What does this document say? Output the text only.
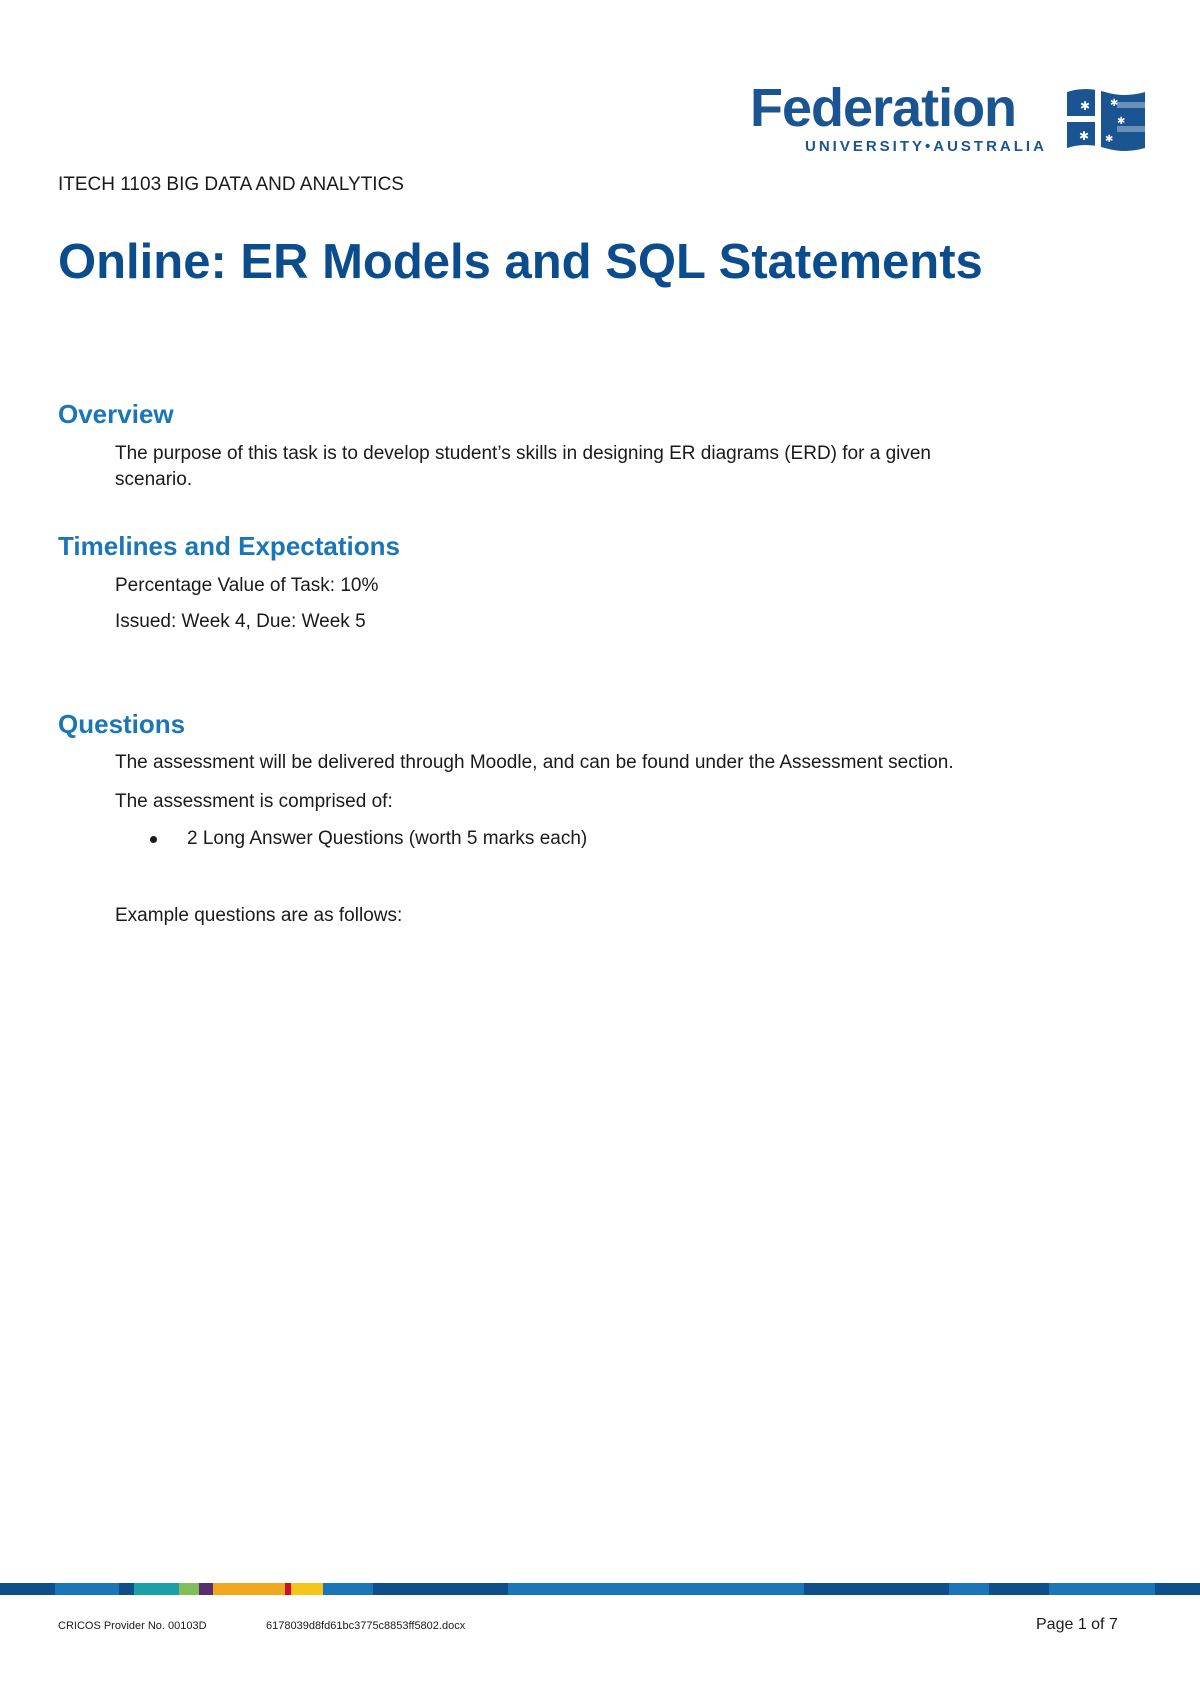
Federation
UNIVERSITY•AUSTRALIA
✱ ✱
✱
✱
✱
ITECH 1103 BIG DATA AND ANALYTICS
Online: ER Models and SQL Statements
Overview

The purpose of this task is to develop student’s skills in designing ER diagrams (ERD) for a given

scenario.

Timelines and Expectations

Percentage Value of Task: 10%

Issued: Week 4, Due: Week 5

Questions

The assessment will be delivered through Moodle, and can be found under the Assessment section.

The assessment is comprised of:

2 Long Answer Questions (worth 5 marks each)

Example questions are as follows:

CRICOS Provider No. 00103D	6178039d8fd61bc3775c8853ff5802.docx	Page 1 of 7
